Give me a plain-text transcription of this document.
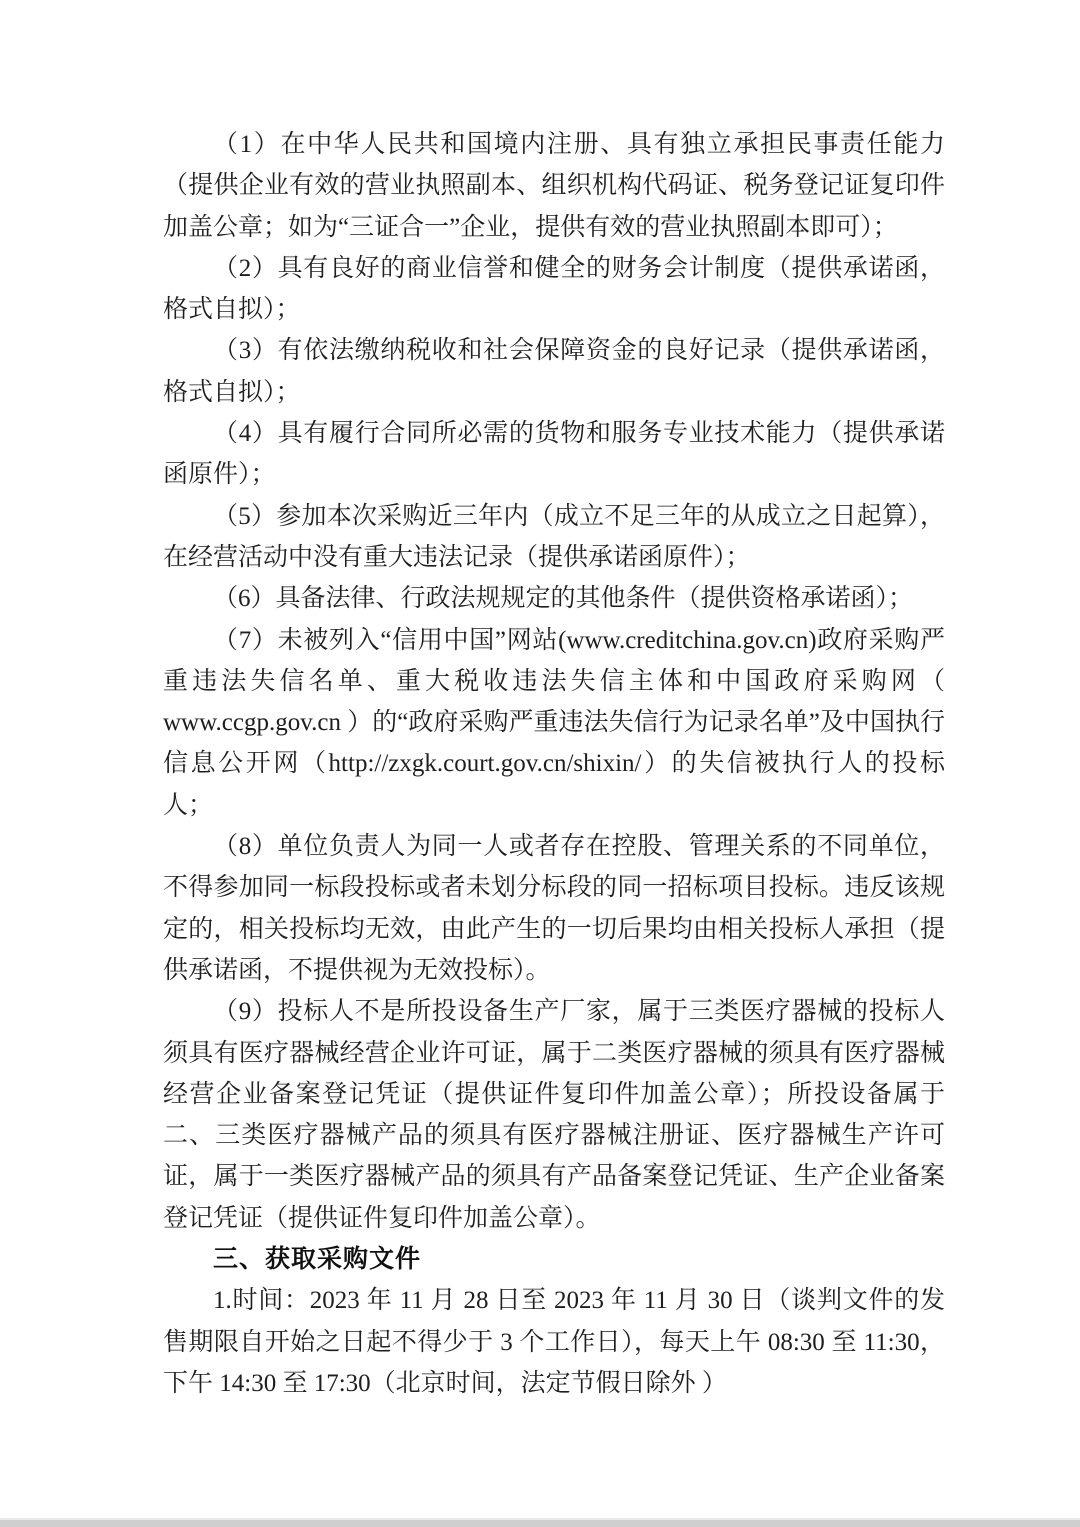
（1）在中华人民共和国境内注册、具有独立承担民事责任能力（提供企业有效的营业执照副本、组织机构代码证、税务登记证复印件加盖公章；如为“三证合一”企业，提供有效的营业执照副本即可）；

（2）具有良好的商业信誉和健全的财务会计制度（提供承诺函，格式自拟）；

（3）有依法缴纳税收和社会保障资金的良好记录（提供承诺函，格式自拟）；

（4）具有履行合同所必需的货物和服务专业技术能力（提供承诺函原件）；

（5）参加本次采购近三年内（成立不足三年的从成立之日起算），在经营活动中没有重大违法记录（提供承诺函原件）；

（6）具备法律、行政法规规定的其他条件（提供资格承诺函）；

（7）未被列入“信用中国”网站(www.creditchina.gov.cn)政府采购严重违法失信名单、重大税收违法失信主体和中国政府采购网（ www.ccgp.gov.cn ）的“政府采购严重违法失信行为记录名单”及中国执行信息公开网（http://zxgk.court.gov.cn/shixin/）的失信被执行人的投标人；

（8）单位负责人为同一人或者存在控股、管理关系的不同单位，不得参加同一标段投标或者未划分标段的同一招标项目投标。违反该规定的，相关投标均无效，由此产生的一切后果均由相关投标人承担（提供承诺函，不提供视为无效投标）。

（9）投标人不是所投设备生产厂家，属于三类医疗器械的投标人须具有医疗器械经营企业许可证，属于二类医疗器械的须具有医疗器械经营企业备案登记凭证（提供证件复印件加盖公章）；所投设备属于二、三类医疗器械产品的须具有医疗器械注册证、医疗器械生产许可证，属于一类医疗器械产品的须具有产品备案登记凭证、生产企业备案登记凭证（提供证件复印件加盖公章）。

三、获取采购文件

1.时间：2023 年 11 月 28 日至 2023 年 11 月 30 日（谈判文件的发售期限自开始之日起不得少于 3 个工作日），每天上午 08:30 至 11:30，下午 14:30 至 17:30（北京时间，法定节假日除外 ）
